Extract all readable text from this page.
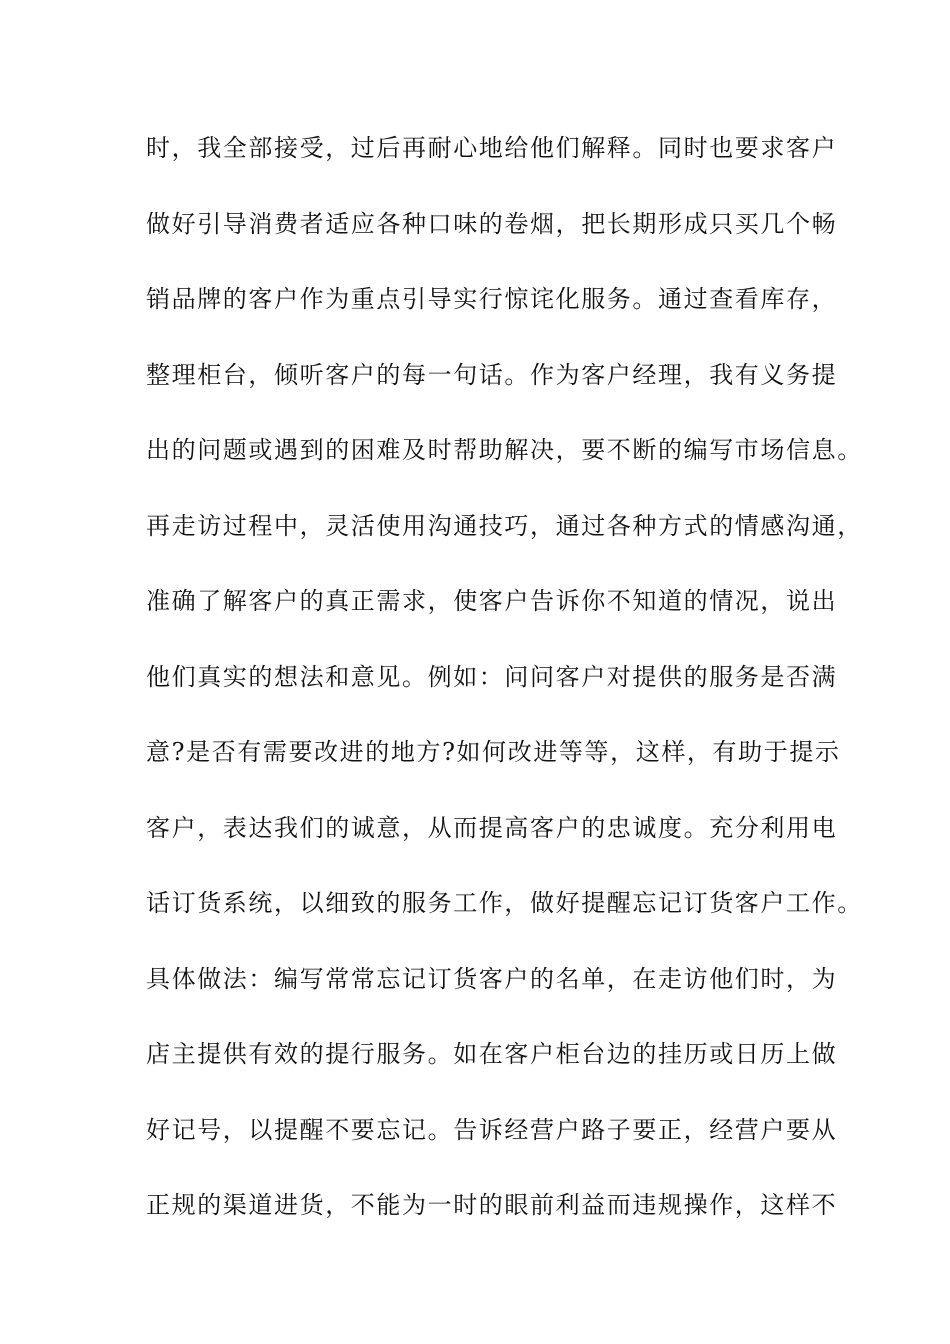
时，我全部接受，过后再耐心地给他们解释。同时也要求客户
做好引导消费者适应各种口味的卷烟，把长期形成只买几个畅
销品牌的客户作为重点引导实行惊诧化服务。通过查看库存，
整理柜台，倾听客户的每一句话。作为客户经理，我有义务提
出的问题或遇到的困难及时帮助解决，要不断的编写市场信息。
再走访过程中，灵活使用沟通技巧，通过各种方式的情感沟通，
准确了解客户的真正需求，使客户告诉你不知道的情况，说出
他们真实的想法和意见。例如：问问客户对提供的服务是否满
意?是否有需要改进的地方?如何改进等等，这样，有助于提示
客户，表达我们的诚意，从而提高客户的忠诚度。充分利用电
话订货系统，以细致的服务工作，做好提醒忘记订货客户工作。
具体做法：编写常常忘记订货客户的名单，在走访他们时，为
店主提供有效的提行服务。如在客户柜台边的挂历或日历上做
好记号，以提醒不要忘记。告诉经营户路子要正，经营户要从
正规的渠道进货，不能为一时的眼前利益而违规操作，这样不
